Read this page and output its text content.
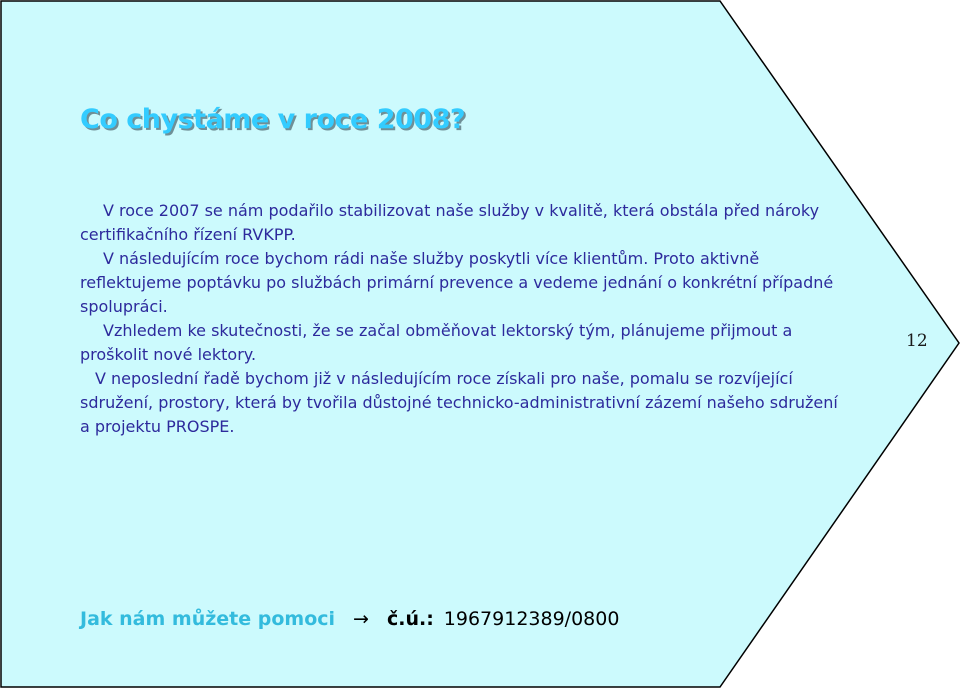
Co chystáme v roce 2008?

V roce 2007 se nám podařilo stabilizovat naše služby v kvalitě, která obstála před nároky certifikačního řízení RVKPP.

V následujícím roce bychom rádi naše služby poskytli více klientům. Proto aktivně reflektujeme poptávku po službách primární prevence a vedeme jednání o konkrétní případné spolupráci.

Vzhledem ke skutečnosti, že se začal obměňovat lektorský tým, plánujeme přijmout a proškolit nové lektory.

V neposlední řadě bychom již v následujícím roce získali pro naše, pomalu se rozvíjející sdružení, prostory, která by tvořila důstojné technicko-administrativní zázemí našeho sdružení a projektu PROSPE.

12
Jak nám můžete pomoci → č.ú.: 1967912389/0800
